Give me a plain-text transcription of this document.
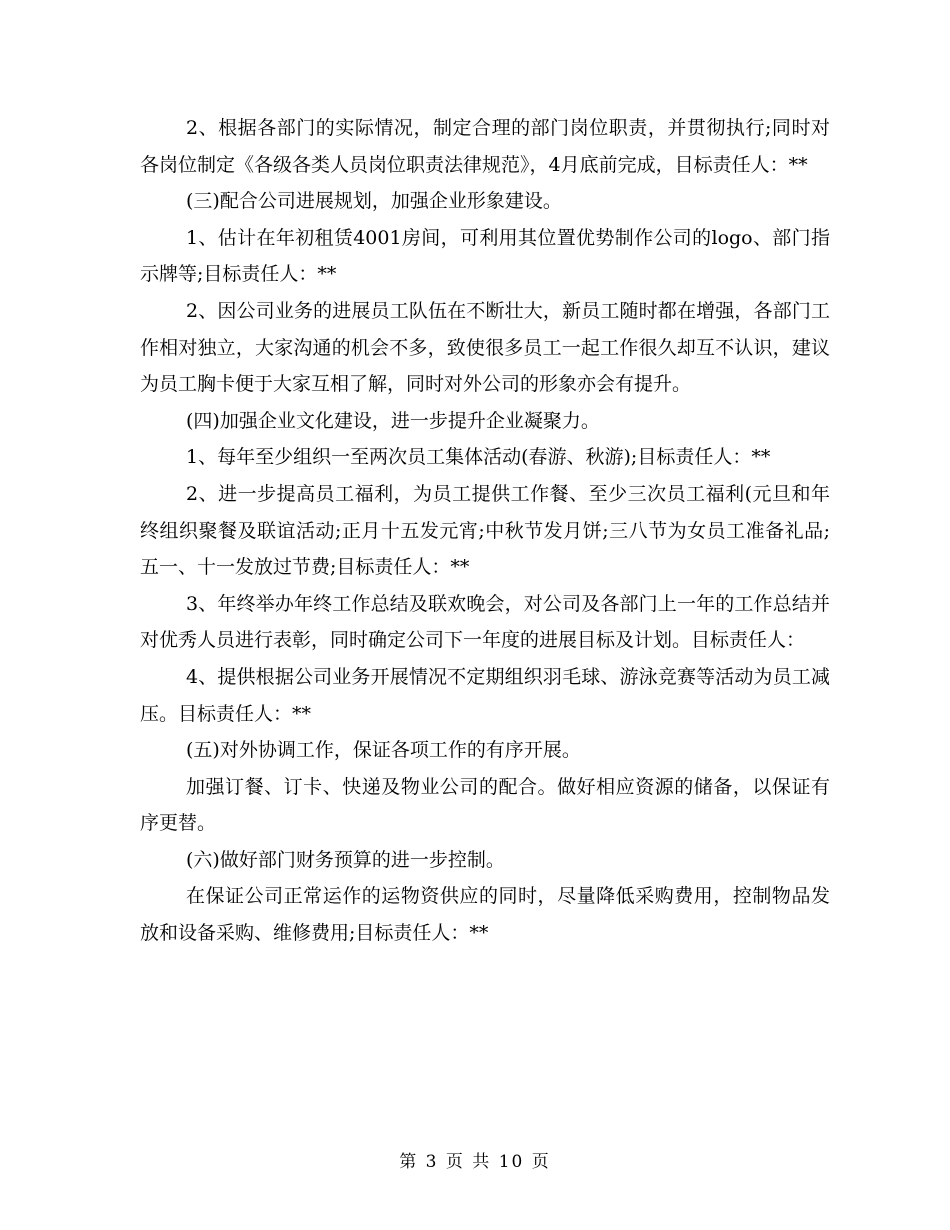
2、根据各部门的实际情况，制定合理的部门岗位职责，并贯彻执行;同时对各岗位制定《各级各类人员岗位职责法律规范》，4月底前完成，目标责任人：**

(三)配合公司进展规划，加强企业形象建设。

1、估计在年初租赁4001房间，可利用其位置优势制作公司的logo、部门指示牌等;目标责任人：**

2、因公司业务的进展员工队伍在不断壮大，新员工随时都在增强，各部门工作相对独立，大家沟通的机会不多，致使很多员工一起工作很久却互不认识，建议为员工胸卡便于大家互相了解，同时对外公司的形象亦会有提升。

(四)加强企业文化建设，进一步提升企业凝聚力。

1、每年至少组织一至两次员工集体活动(春游、秋游);目标责任人：**

2、进一步提高员工福利，为员工提供工作餐、至少三次员工福利(元旦和年终组织聚餐及联谊活动;正月十五发元宵;中秋节发月饼;三八节为女员工准备礼品;五一、十一发放过节费;目标责任人：**

3、年终举办年终工作总结及联欢晚会，对公司及各部门上一年的工作总结并对优秀人员进行表彰，同时确定公司下一年度的进展目标及计划。目标责任人：

4、提供根据公司业务开展情况不定期组织羽毛球、游泳竞赛等活动为员工减压。目标责任人：**

(五)对外协调工作，保证各项工作的有序开展。

加强订餐、订卡、快递及物业公司的配合。做好相应资源的储备，以保证有序更替。

(六)做好部门财务预算的进一步控制。

在保证公司正常运作的运物资供应的同时，尽量降低采购费用，控制物品发放和设备采购、维修费用;目标责任人：**

第 3 页 共 10 页
